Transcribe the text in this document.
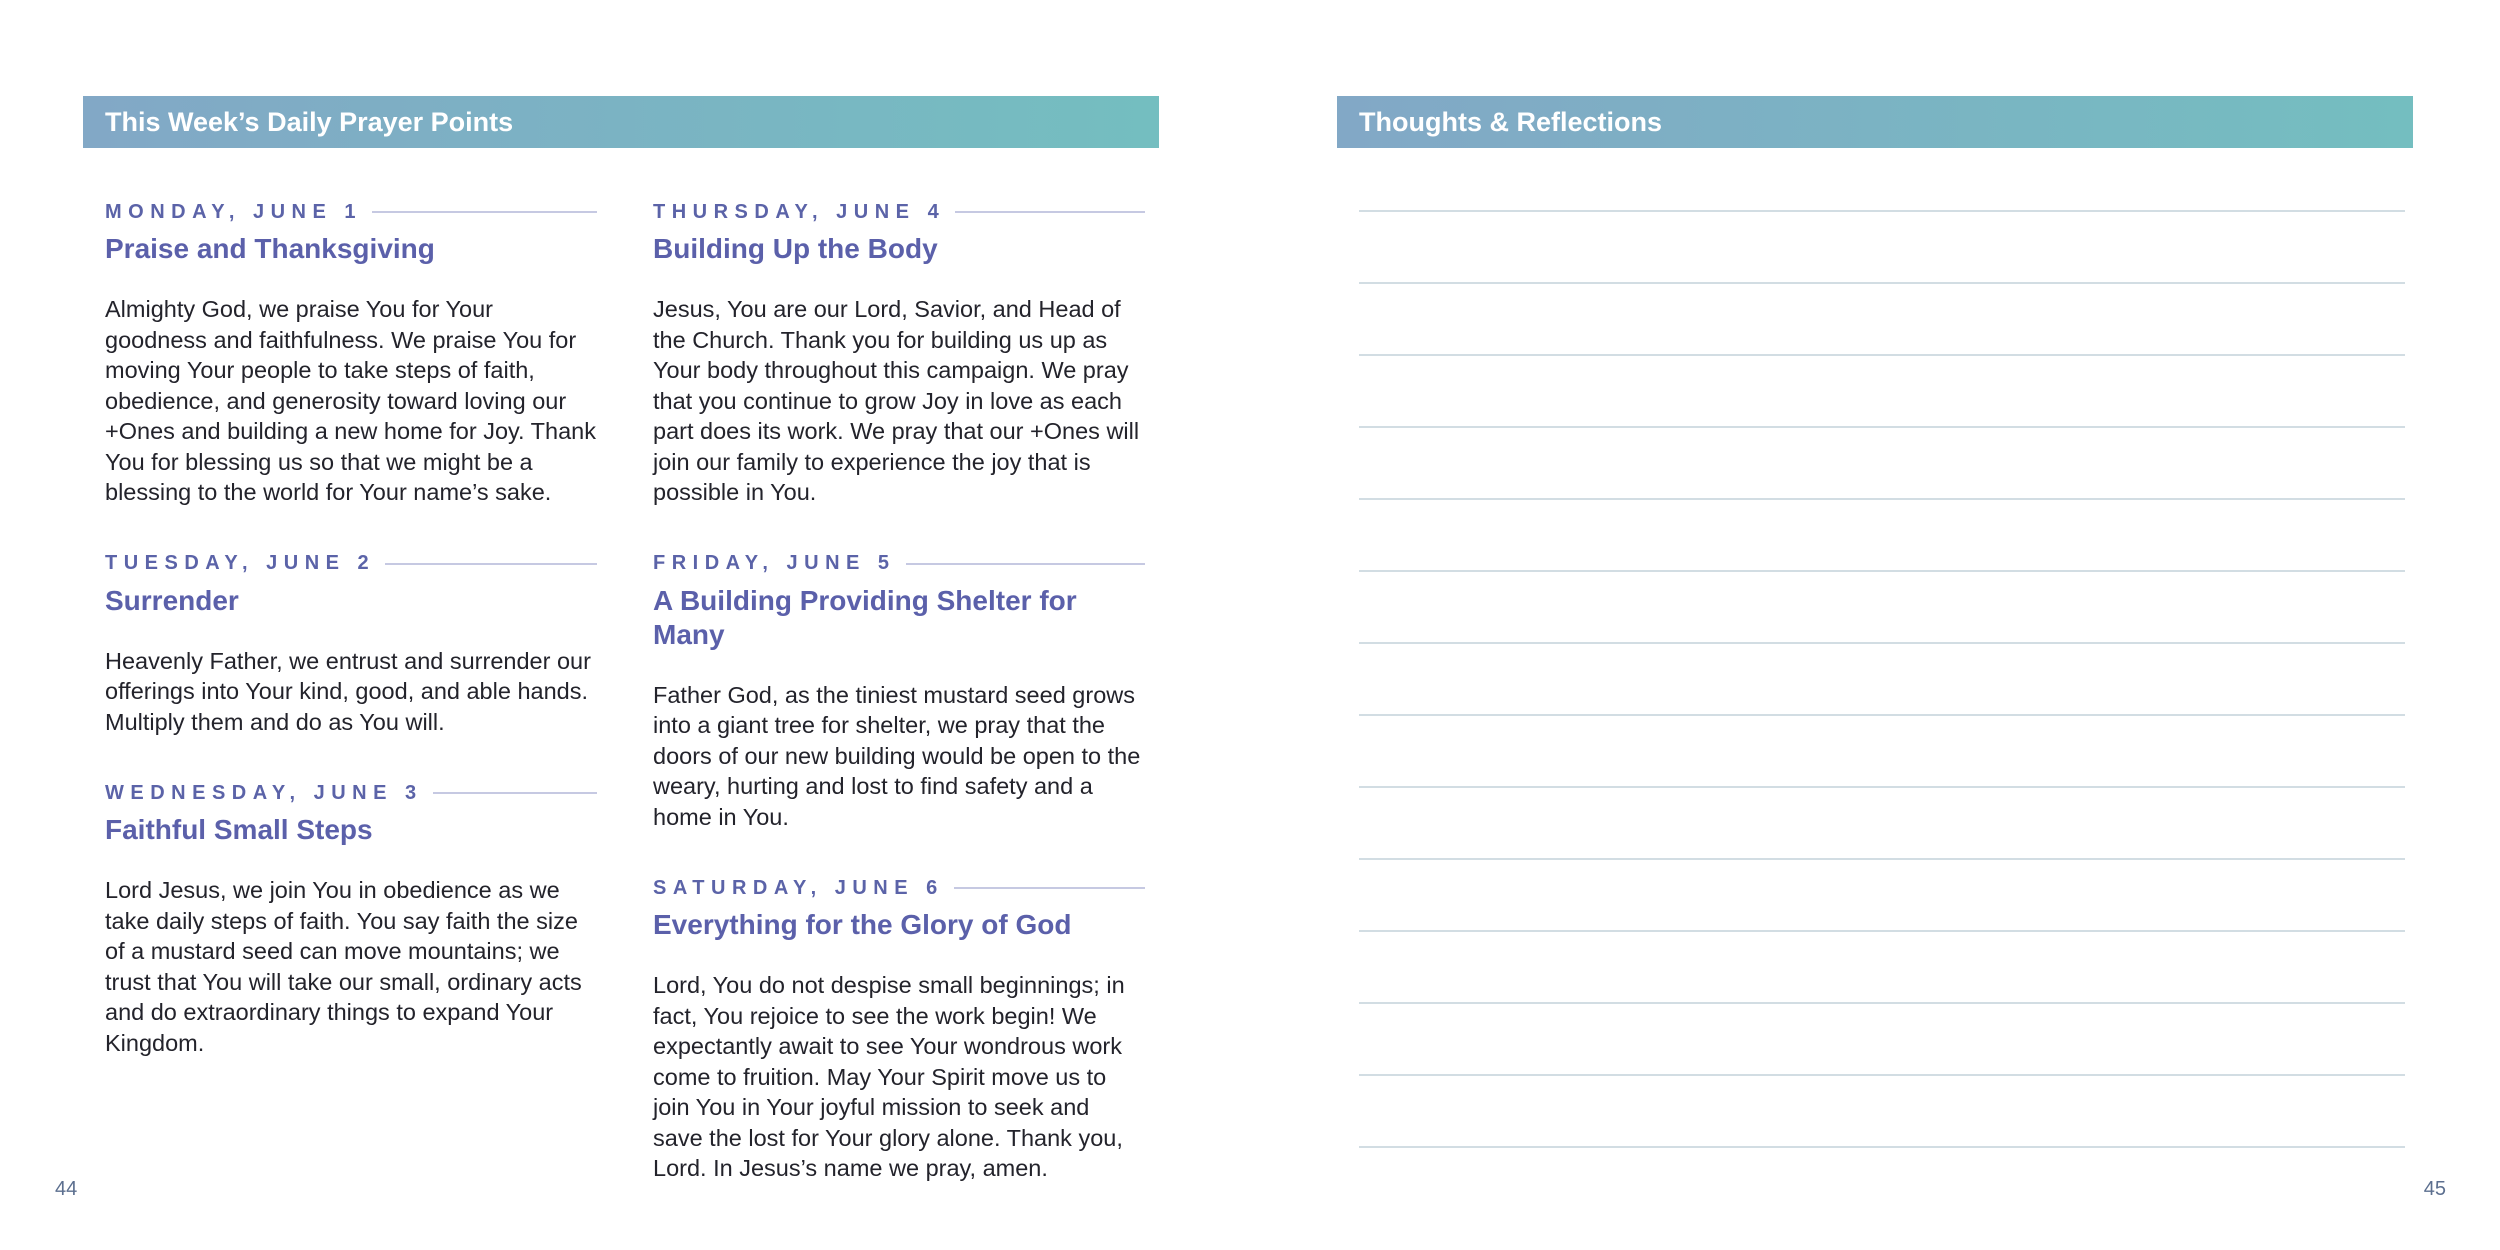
This Week’s Daily Prayer Points
MONDAY, JUNE 1
Praise and Thanksgiving
Almighty God, we praise You for Your goodness and faithfulness. We praise You for moving Your people to take steps of faith, obedience, and generosity toward loving our +Ones and building a new home for Joy. Thank You for blessing us so that we might be a blessing to the world for Your name’s sake.
TUESDAY, JUNE 2
Surrender
Heavenly Father, we entrust and surrender our offerings into Your kind, good, and able hands. Multiply them and do as You will.
WEDNESDAY, JUNE 3
Faithful Small Steps
Lord Jesus, we join You in obedience as we take daily steps of faith. You say faith the size of a mustard seed can move mountains; we trust that You will take our small, ordinary acts and do extraordinary things to expand Your Kingdom.
THURSDAY, JUNE 4
Building Up the Body
Jesus, You are our Lord, Savior, and Head of the Church. Thank you for building us up as Your body throughout this campaign. We pray that you continue to grow Joy in love as each part does its work. We pray that our +Ones will join our family to experience the joy that is possible in You.
FRIDAY, JUNE 5
A Building Providing Shelter for Many
Father God, as the tiniest mustard seed grows into a giant tree for shelter, we pray that the doors of our new building would be open to the weary, hurting and lost to find safety and a home in You.
SATURDAY, JUNE 6
Everything for the Glory of God
Lord, You do not despise small beginnings; in fact, You rejoice to see the work begin! We expectantly await to see Your wondrous work come to fruition. May Your Spirit move us to join You in Your joyful mission to seek and save the lost for Your glory alone. Thank you, Lord. In Jesus’s name we pray, amen.
44
Thoughts & Reflections
45
